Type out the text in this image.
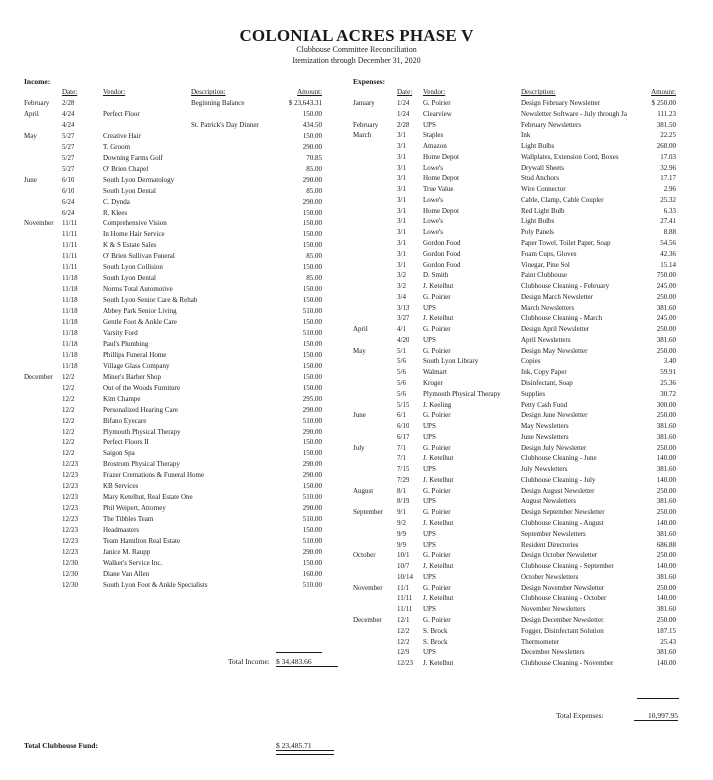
COLONIAL ACRES PHASE V
Clubhouse Committee Reconciliation
Itemization through December 31, 2020
Income:
Date:	Vendor:	Description:	Amount:
Expenses:
Date: Vendor:	Description:	Amount:
February 2/28	Beginning Balance	$ 23,643.31
April	4/24	Perfect Floor	150.00
4/24	St. Patrick's Day Dinner	434.50
May	5/27	Creative Hair	150.00
5/27	T. Groom	290.00
5/27	Downing Farms Golf	70.85
5/27	O' Brien Chapel	85.00
June	6/10	South Lyon Dermatology	290.00
6/10	South Lyon Dental	85.00
6/24	C. Dynda	290.00
6/24	R. Klees	150.00
November 11/11	Comprehensive Vision	150.00
11/11	In Home Hair Service	150.00
11/11	K & S Estate Sales	150.00
11/11	O' Brien Sullivan Funeral	85.00
11/11	South Lyon Collision	150.00
11/18	South Lyon Dental	85.00
11/18	Norms Total Automotive	150.00
11/18	South Lyon Senior Care & Rehab	150.00
11/18	Abbey Park Senior Living	510.00
11/18	Gentle Foot & Ankle Care	150.00
11/18	Varsity Ford	510.00
11/18	Paul's Plumbing	150.00
11/18	Phillips Funeral Home	150.00
11/18	Village Glass Company	150.00
December 12/2	Miner's Barber Shop	150.00
12/2	Out of the Woods Furniture	150.00
12/2	Kim Champe	295.00
12/2	Personalized Hearing Care	290.00
12/2	Bifano Eyecare	510.00
12/2	Plymouth Physical Therapy	290.00
12/2	Perfect Floors II	150.00
12/2	Saigon Spa	150.00
12/23	Brostrom Physical Therapy	290.00
12/23	Frazer Cremations & Funeral Home	290.00
12/23	KB Services	150.00
12/23	Mary Ketelhut, Real Estate One	510.00
12/23	Phil Weipert, Attorney	290.00
12/23	The Tibbles Team	510.00
12/23	Headmasters	150.00
12/23	Team Hamilton Real Estate	510.00
12/23	Janice M. Raupp	290.00
12/30	Walker's Service Inc.	150.00
12/30	Diane Van Allen	160.00
12/30	South Lyon Foot & Ankle Specialists	510.00
January	1/24 G. Poirier	Design February Newsletter	$ 250.00
1/24 Clearview	Newsletter Software - July through Ja	111.23
February	2/28 UPS	February Newsletters	381.50
March	3/1 Staples	Ink	22.25
3/1 Amazon	Light Bulbs	268.00
3/1 Home Depot	Wallplates, Extension Cord, Boxes	17.03
3/1 Lowe's	Drywall Sheets	32.96
3/1 Home Depot	Stud Anchors	17.17
3/1 True Value	Wire Connector	2.96
3/1 Lowe's	Cable, Clamp, Cable Coupler	25.32
3/1 Home Depot	Red Light Bulb	6.33
3/1 Lowe's	Light Bulbs	27.41
3/1 Lowe's	Poly Panels	8.88
3/1 Gordon Food	Paper Towel, Toilet Paper, Soap	54.56
3/1 Gordon Food	Foam Cups, Gloves	42.36
3/1 Gordon Food	Vinegar, Pine Sol	15.14
3/2 D. Smith	Paint Clubhouse	750.00
3/2 J. Ketelhut	Clubhouse Cleaning - February	245.00
3/4 G. Poirier	Design March Newsletter	250.00
3/13 UPS	March Newsletters	381.60
3/27 J. Ketelhut	Clubhouse Cleaning - March	245.00
April	4/1 G. Poirier	Design April Newsletter	250.00
4/20 UPS	April Newsletters	381.60
May	5/1 G. Poirier	Design May Newsletter	250.00
5/6 South Lyon Library	Copies	3.40
5/6 Walmart	Ink, Copy Paper	59.91
5/6 Kroger	Disinfectant, Soap	25.36
5/6 Plymouth Physical Therapy	Supplies	30.72
5/15 J. Keeling	Petty Cash Fund	300.00
June	6/1 G. Poirier	Design June Newsletter	250.00
6/10 UPS	May Newsletters	381.60
6/17 UPS	June Newsletters	381.60
July	7/1 G. Poirier	Design July Newsletter	250.00
7/1 J. Ketelhut	Clubhouse Cleaning - June	140.00
7/15 UPS	July Newsletters	381.60
7/29 J. Ketelhut	Clubhouse Cleaning - July	140.00
August	8/1 G. Poirier	Design August Newsletter	250.00
8/19 UPS	August Newsletters	381.60
September 9/1 G. Poirier	Design September Newsletter	250.00
9/2 J. Ketelhut	Clubhouse Cleaning - August	140.00
9/9 UPS	September Newsletters	381.60
9/9 UPS	Resident Directories	686.88
October	10/1 G. Poirier	Design October Newsletter	250.00
10/7 J. Ketelhut	Clubhouse Cleaning - September	140.00
10/14 UPS	October Newsletters	381.60
November 11/1 G. Poirier	Design November Newsletter	250.00
11/11 J. Ketelhut	Clubhouse Cleaning - October	140.00
11/11 UPS	November Newsletters	381.60
December 12/1 G. Poirier	Design December Newsletter	250.00
12/2 S. Brock	Fogger, Disinfectant Solution	187.15
12/2 S. Brock	Thermometer	25.43
12/9 UPS	December Newsletters	381.60
12/23 J. Ketelhut	Clubhouse Cleaning - November	140.00
Total Income: $ 34,483.66
Total Expenses:	10,997.95
Total Clubhouse Fund:	$ 23,485.71
